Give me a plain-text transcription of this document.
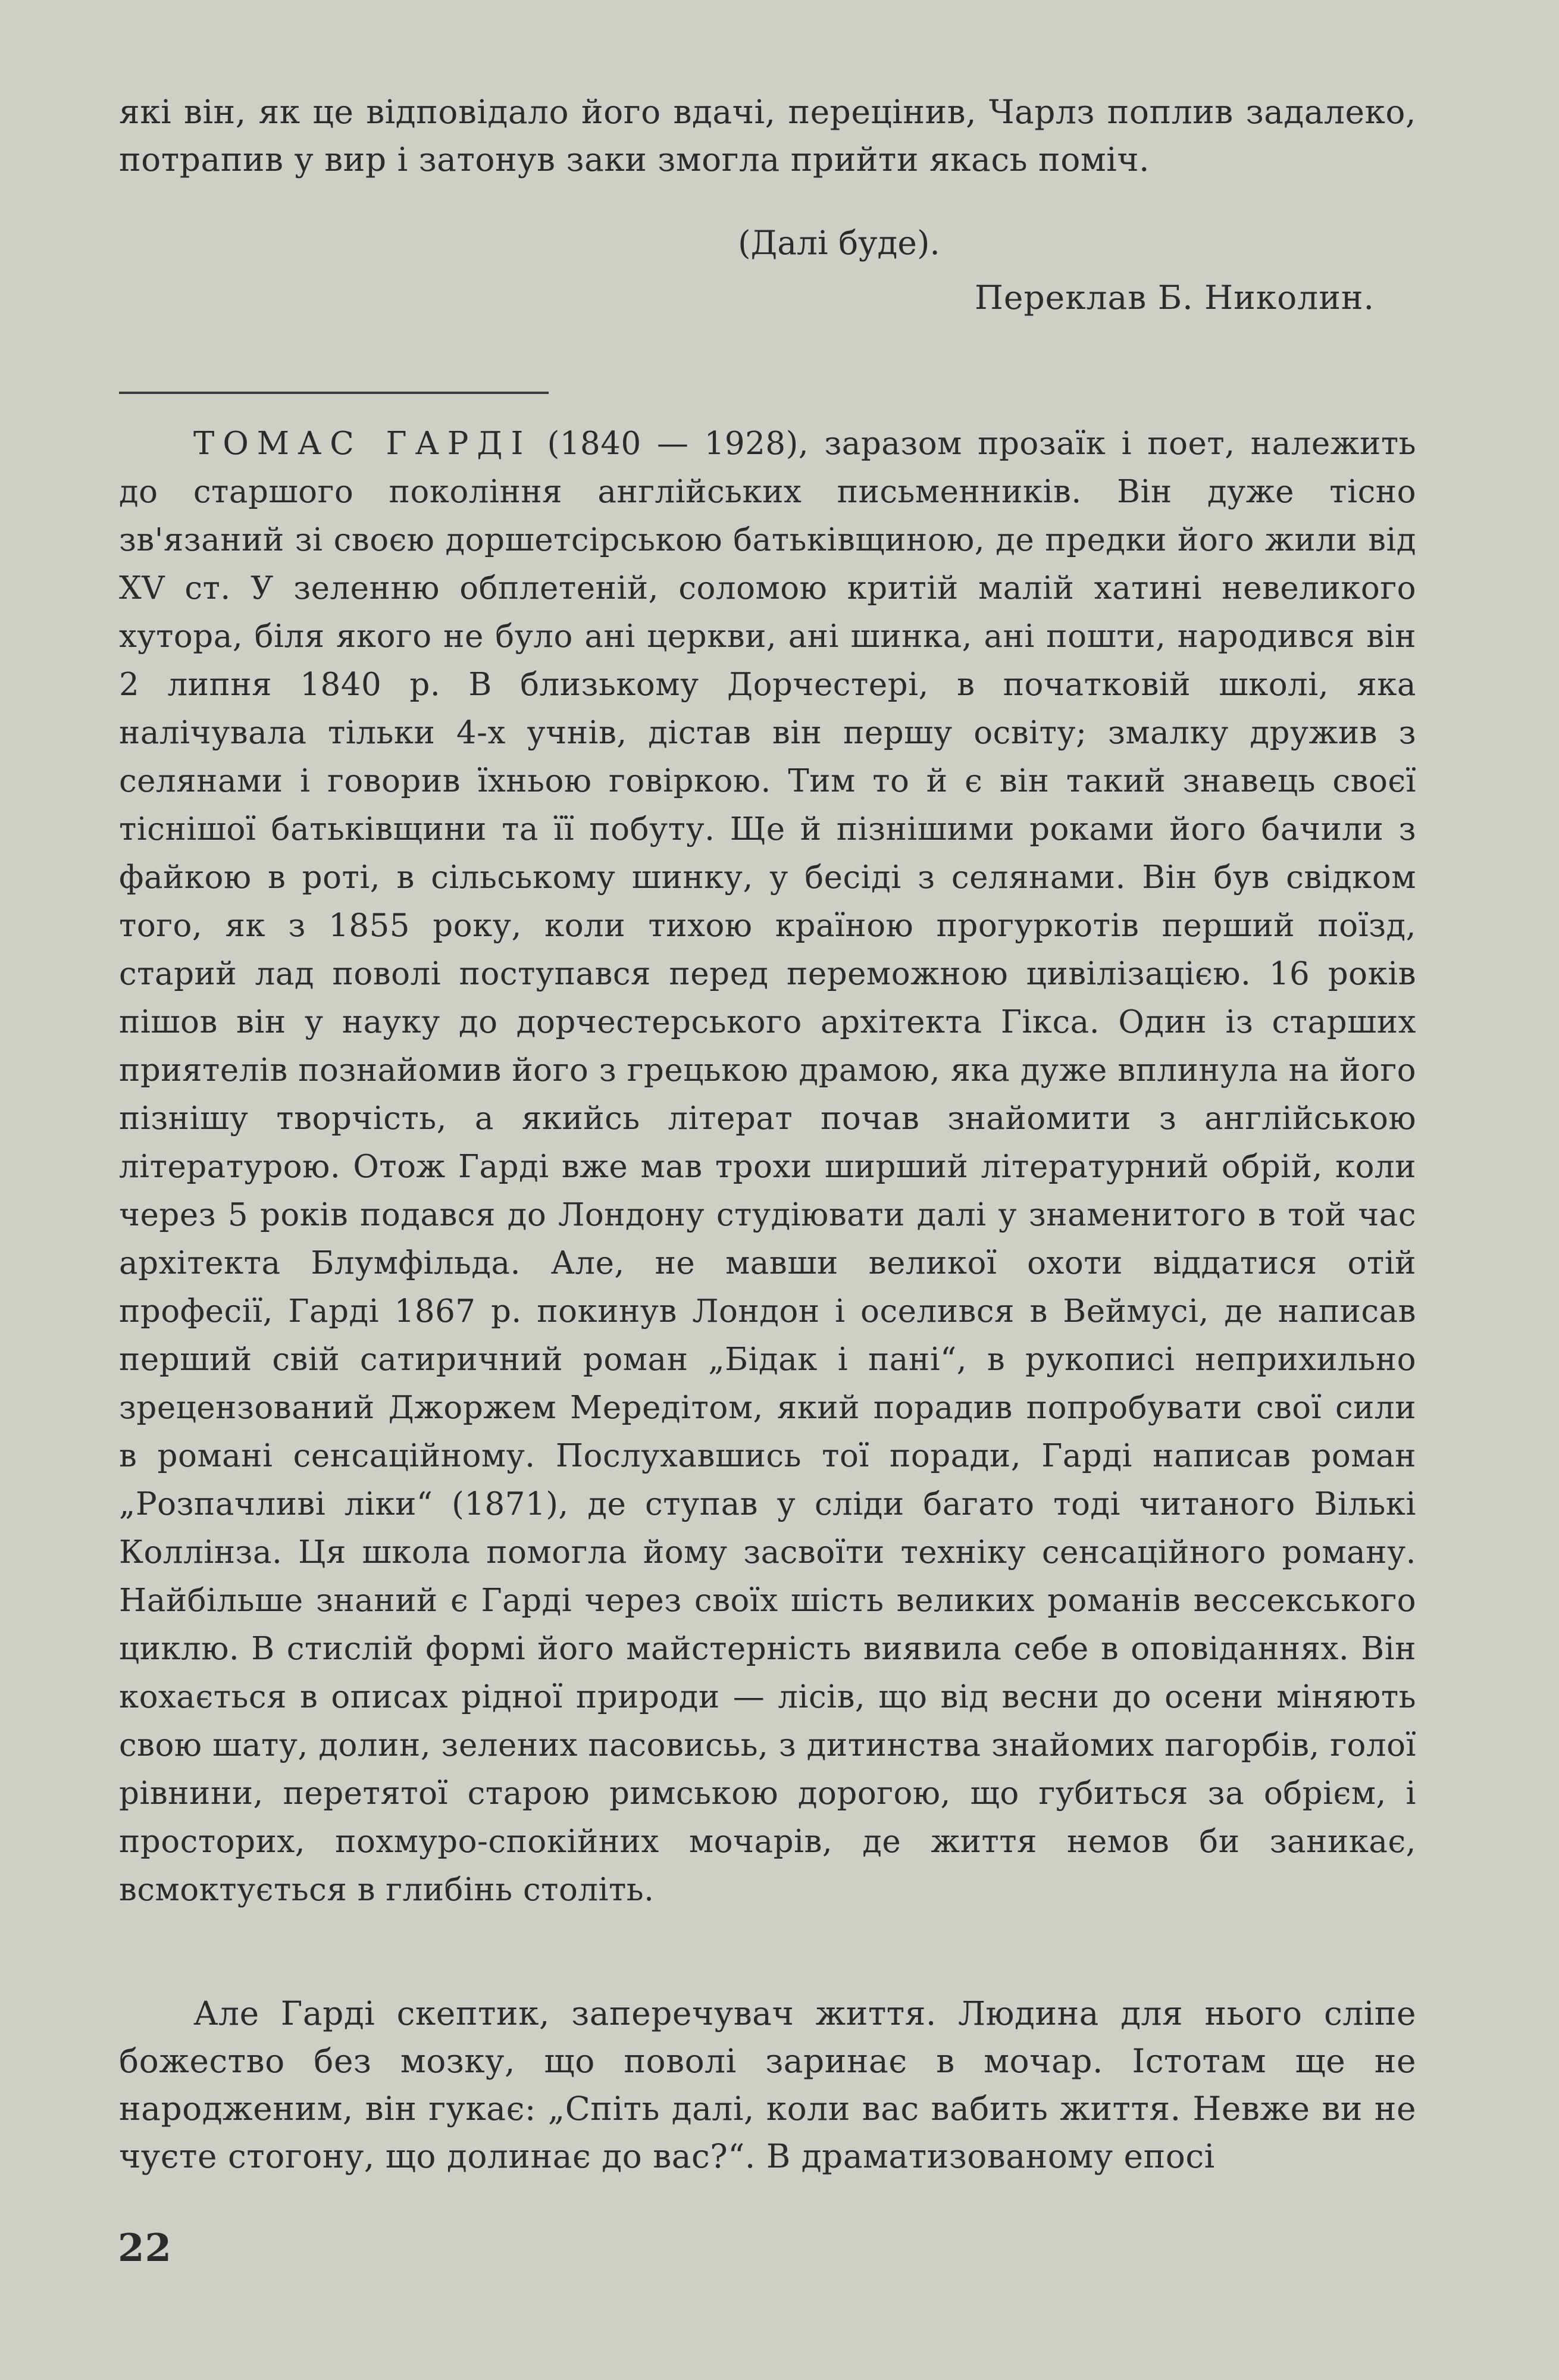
які він, як це відповідало його вдачі, перецінив, Чарлз поплив задалеко, потрапив у вир і затонув заки змогла прийти якась поміч.

(Далі буде).
Переклав Б. Николин.

ТОМАС ГАРДІ (1840 — 1928), заразом прозаїк і поет, належить до старшого покоління англійських письменників. Він дуже тісно зв'язаний зі своєю доршетсірською батьківщиною, де предки його жили від XV ст. У зеленню обплетеній, соломою критій малій хатині невеликого хутора, біля якого не було ані церкви, ані шинка, ані пошти, народився він 2 липня 1840 р. В близькому Дорчестері, в початковій школі, яка налічувала тільки 4-х учнів, дістав він першу освіту; змалку дружив з селянами і говорив їхньою говіркою. Тим то й є він такий знавець своєї тіснішої батьківщини та її побуту. Ще й пізнішими роками його бачили з файкою в роті, в сільському шинку, у бесіді з селянами. Він був свідком того, як з 1855 року, коли тихою країною прогуркотів перший поїзд, старий лад поволі поступався перед переможною цивілізацією. 16 років пішов він у науку до дорчестерського архітекта Гікса. Один із старших приятелів познайомив його з грецькою драмою, яка дуже вплинула на його пізнішу творчість, а якийсь літерат почав знайомити з англійською літературою. Отож Гарді вже мав трохи ширший літературний обрій, коли через 5 років подався до Лондону студіювати далі у знаменитого в той час архітекта Блумфільда. Але, не мавши великої охоти віддатися отій професії, Гарді 1867 р. покинув Лондон і оселився в Веймусі, де написав перший свій сатиричний роман „Бідак і пані“, в рукописі неприхильно зрецензований Джоржем Мередітом, який порадив попробувати свої сили в романі сенсаційному. Послухавшись тої поради, Гарді написав роман „Розпачливі ліки“ (1871), де ступав у сліди багато тоді читаного Вількі Коллінза. Ця школа помогла йому засвоїти техніку сенсаційного роману. Найбільше знаний є Гарді через своїх шість великих романів вессекського циклю. В стислій формі його майстерність виявила себе в оповіданнях. Він кохається в описах рідної природи — лісів, що від весни до осени міняють свою шату, долин, зелених пасовисьь, з дитинства знайомих пагорбів, голої рівнини, перетятої старою римською дорогою, що губиться за обрієм, і просторих, похмуро-спокійних мочарів, де життя немов би заникає, всмоктується в глибінь століть.

Але Гарді скептик, заперечувач життя. Людина для нього сліпе божество без мозку, що поволі заринає в мочар. Істотам ще не народженим, він гукає: „Спіть далі, коли вас вабить життя. Невже ви не чуєте стогону, що долинає до вас?“. В драматизованому епосі

22
